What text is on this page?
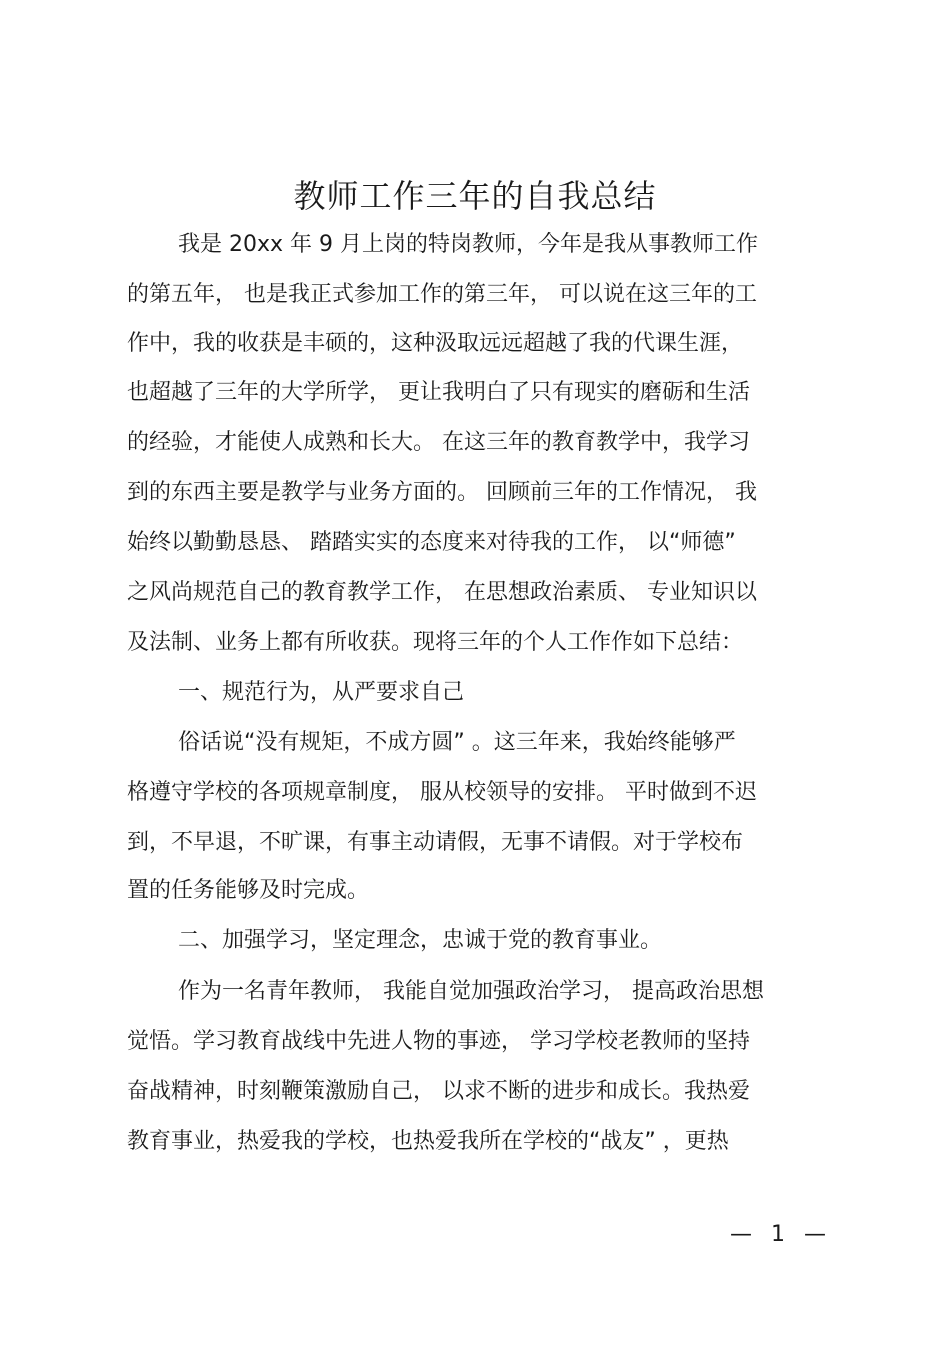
教师工作三年的自我总结
我是 20xx 年 9 月上岗的特岗教师，今年是我从事教师工作
的第五年， 也是我正式参加工作的第三年， 可以说在这三年的工
作中，我的收获是丰硕的，这种汲取远远超越了我的代课生涯，
也超越了三年的大学所学， 更让我明白了只有现实的磨砺和生活
的经验，才能使人成熟和长大。 在这三年的教育教学中，我学习
到的东西主要是教学与业务方面的。 回顾前三年的工作情况， 我
始终以勤勤恳恳、 踏踏实实的态度来对待我的工作， 以“师德”
之风尚规范自己的教育教学工作， 在思想政治素质、 专业知识以
及法制、业务上都有所收获。现将三年的个人工作作如下总结：
一、规范行为，从严要求自己
俗话说“没有规矩，不成方圆” 。这三年来，我始终能够严
格遵守学校的各项规章制度， 服从校领导的安排。 平时做到不迟
到，不早退，不旷课，有事主动请假，无事不请假。对于学校布
置的任务能够及时完成。
二、加强学习，坚定理念，忠诚于党的教育事业。
作为一名青年教师， 我能自觉加强政治学习， 提高政治思想
觉悟。学习教育战线中先进人物的事迹， 学习学校老教师的坚持
奋战精神，时刻鞭策激励自己， 以求不断的进步和成长。我热爱
教育事业，热爱我的学校，也热爱我所在学校的“战友” ，更热
— 1 —
